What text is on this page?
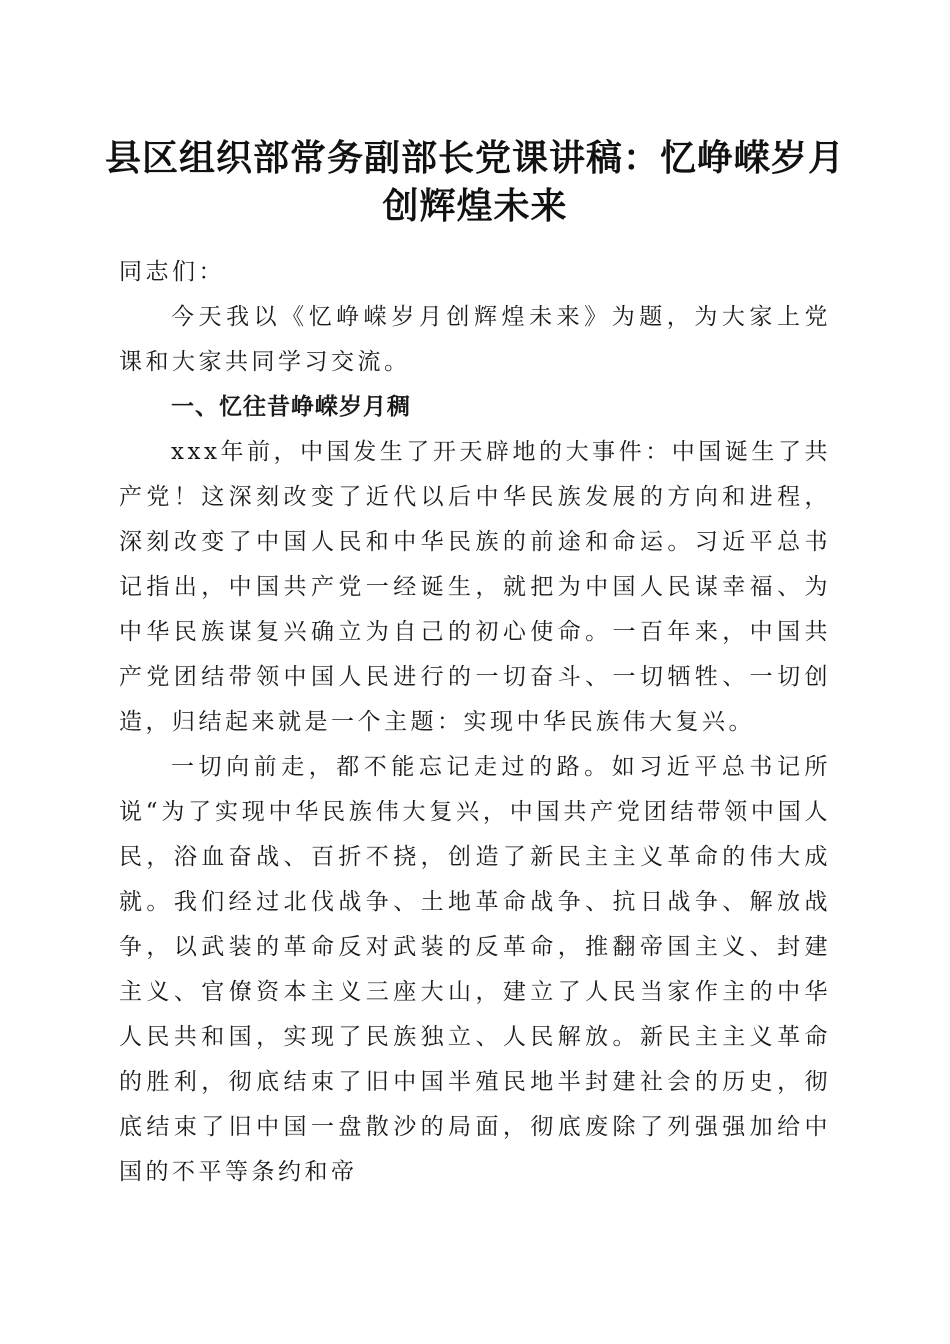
县区组织部常务副部长党课讲稿：忆峥嵘岁月创辉煌未来

同志们：

今天我以《忆峥嵘岁月创辉煌未来》为题，为大家上党课和大家共同学习交流。

一、忆往昔峥嵘岁月稠

xxx年前，中国发生了开天辟地的大事件：中国诞生了共产党！这深刻改变了近代以后中华民族发展的方向和进程，深刻改变了中国人民和中华民族的前途和命运。习近平总书记指出，中国共产党一经诞生，就把为中国人民谋幸福、为中华民族谋复兴确立为自己的初心使命。一百年来，中国共产党团结带领中国人民进行的一切奋斗、一切牺牲、一切创造，归结起来就是一个主题：实现中华民族伟大复兴。

一切向前走，都不能忘记走过的路。如习近平总书记所说“为了实现中华民族伟大复兴，中国共产党团结带领中国人民，浴血奋战、百折不挠，创造了新民主主义革命的伟大成就。我们经过北伐战争、土地革命战争、抗日战争、解放战争，以武装的革命反对武装的反革命，推翻帝国主义、封建主义、官僚资本主义三座大山，建立了人民当家作主的中华人民共和国，实现了民族独立、人民解放。新民主主义革命的胜利，彻底结束了旧中国半殖民地半封建社会的历史，彻底结束了旧中国一盘散沙的局面，彻底废除了列强强加给中国的不平等条约和帝
